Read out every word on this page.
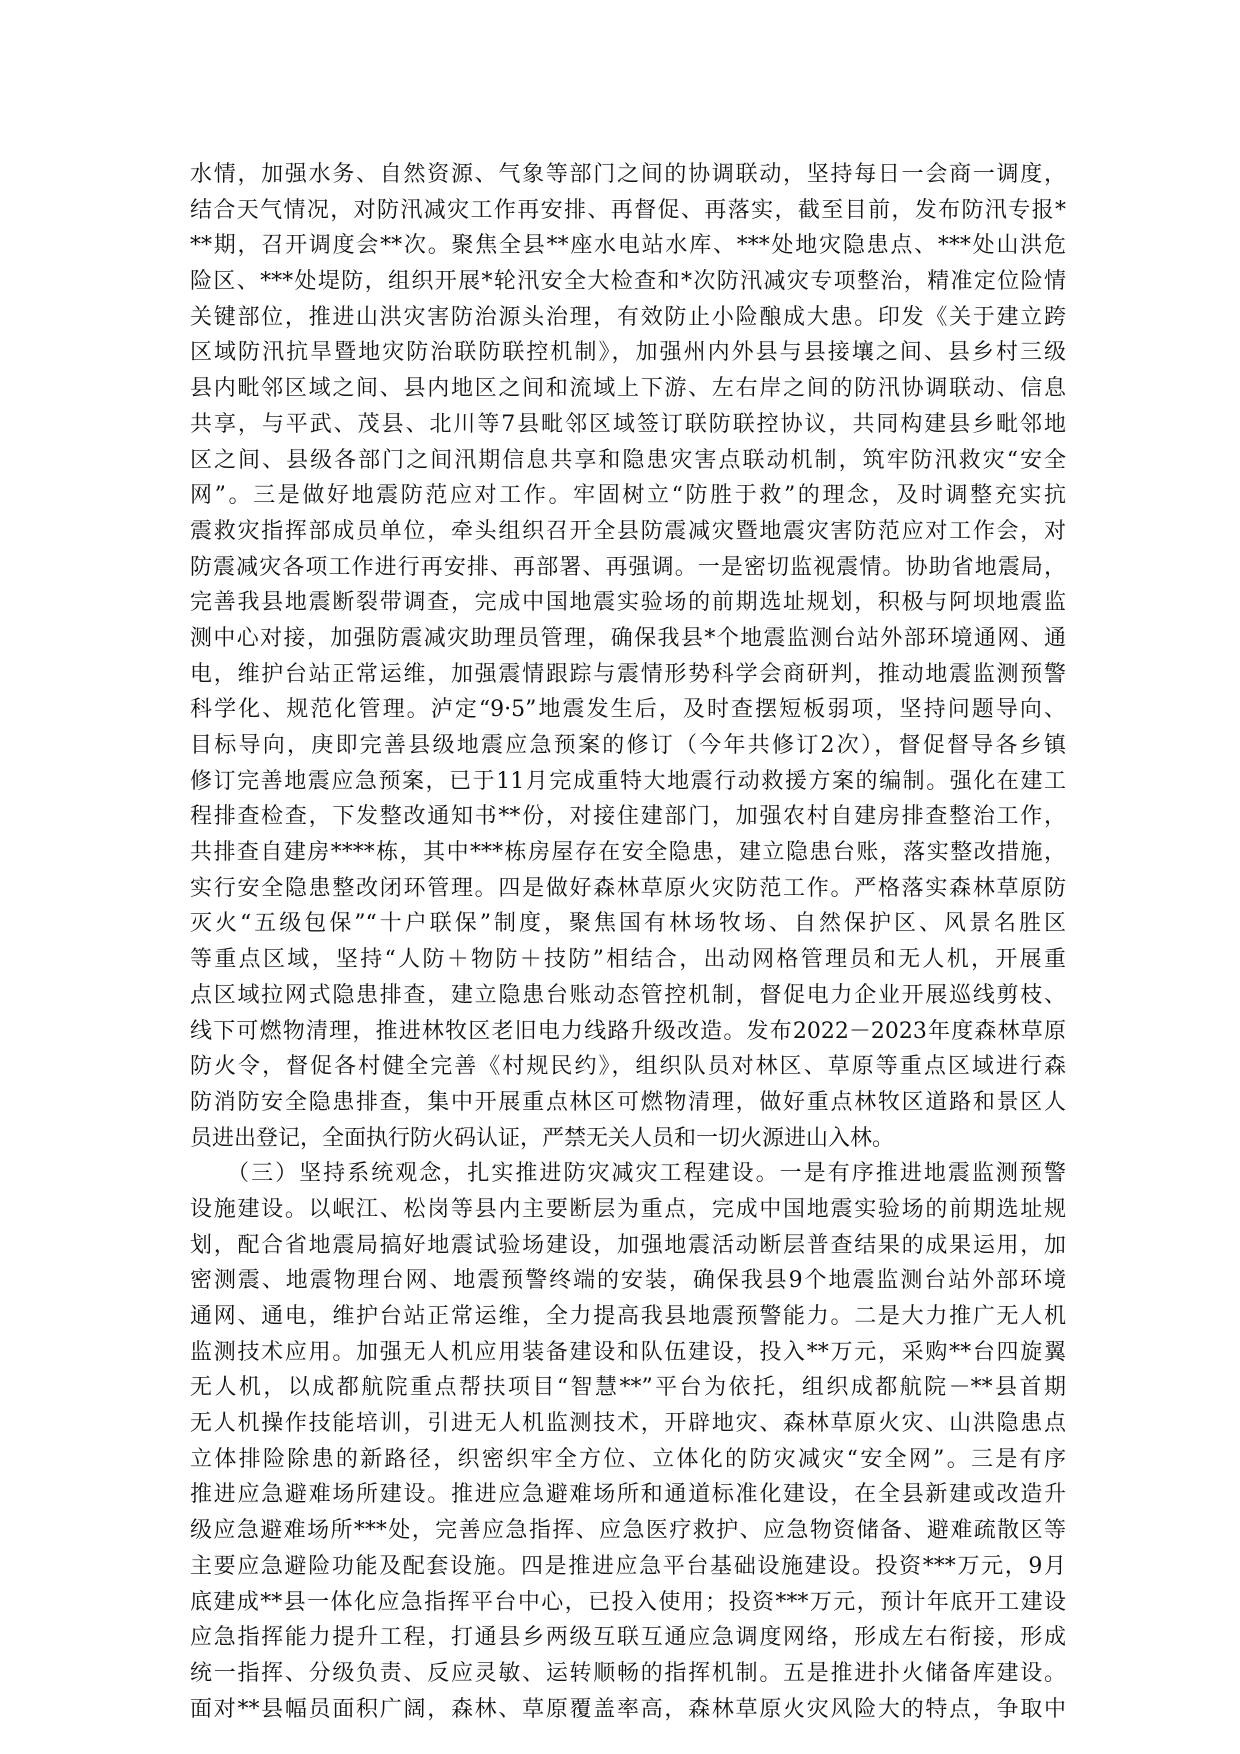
水情，加强水务、自然资源、气象等部门之间的协调联动，坚持每日一会商一调度，
结合天气情况，对防汛减灾工作再安排、再督促、再落实，截至目前，发布防汛专报*
**期，召开调度会**次。聚焦全县**座水电站水库、***处地灾隐患点、***处山洪危
险区、***处堤防，组织开展*轮汛安全大检查和*次防汛减灾专项整治，精准定位险情
关键部位，推进山洪灾害防治源头治理，有效防止小险酿成大患。印发《关于建立跨
区域防汛抗旱暨地灾防治联防联控机制》，加强州内外县与县接壤之间、县乡村三级
县内毗邻区域之间、县内地区之间和流域上下游、左右岸之间的防汛协调联动、信息
共享，与平武、茂县、北川等7县毗邻区域签订联防联控协议，共同构建县乡毗邻地
区之间、县级各部门之间汛期信息共享和隐患灾害点联动机制，筑牢防汛救灾“安全
网”。三是做好地震防范应对工作。牢固树立“防胜于救”的理念，及时调整充实抗
震救灾指挥部成员单位，牵头组织召开全县防震减灾暨地震灾害防范应对工作会，对
防震减灾各项工作进行再安排、再部署、再强调。一是密切监视震情。协助省地震局，
完善我县地震断裂带调查，完成中国地震实验场的前期选址规划，积极与阿坝地震监
测中心对接，加强防震减灾助理员管理，确保我县*个地震监测台站外部环境通网、通
电，维护台站正常运维，加强震情跟踪与震情形势科学会商研判，推动地震监测预警
科学化、规范化管理。泸定“9·5”地震发生后，及时查摆短板弱项，坚持问题导向、
目标导向，庚即完善县级地震应急预案的修订（今年共修订2次），督促督导各乡镇
修订完善地震应急预案，已于11月完成重特大地震行动救援方案的编制。强化在建工
程排查检查，下发整改通知书**份，对接住建部门，加强农村自建房排查整治工作，
共排查自建房****栋，其中***栋房屋存在安全隐患，建立隐患台账，落实整改措施，
实行安全隐患整改闭环管理。四是做好森林草原火灾防范工作。严格落实森林草原防
灭火“五级包保”“十户联保”制度，聚焦国有林场牧场、自然保护区、风景名胜区
等重点区域，坚持“人防＋物防＋技防”相结合，出动网格管理员和无人机，开展重
点区域拉网式隐患排查，建立隐患台账动态管控机制，督促电力企业开展巡线剪枝、
线下可燃物清理，推进林牧区老旧电力线路升级改造。发布2022－2023年度森林草原
防火令，督促各村健全完善《村规民约》，组织队员对林区、草原等重点区域进行森
防消防安全隐患排查，集中开展重点林区可燃物清理，做好重点林牧区道路和景区人
员进出登记，全面执行防火码认证，严禁无关人员和一切火源进山入林。
　　（三）坚持系统观念，扎实推进防灾减灾工程建设。一是有序推进地震监测预警
设施建设。以岷江、松岗等县内主要断层为重点，完成中国地震实验场的前期选址规
划，配合省地震局搞好地震试验场建设，加强地震活动断层普查结果的成果运用，加
密测震、地震物理台网、地震预警终端的安装，确保我县9个地震监测台站外部环境
通网、通电，维护台站正常运维，全力提高我县地震预警能力。二是大力推广无人机
监测技术应用。加强无人机应用装备建设和队伍建设，投入**万元，采购**台四旋翼
无人机，以成都航院重点帮扶项目“智慧**”平台为依托，组织成都航院－**县首期
无人机操作技能培训，引进无人机监测技术，开辟地灾、森林草原火灾、山洪隐患点
立体排险除患的新路径，织密织牢全方位、立体化的防灾减灾“安全网”。三是有序
推进应急避难场所建设。推进应急避难场所和通道标准化建设，在全县新建或改造升
级应急避难场所***处，完善应急指挥、应急医疗救护、应急物资储备、避难疏散区等
主要应急避险功能及配套设施。四是推进应急平台基础设施建设。投资***万元，9月
底建成**县一体化应急指挥平台中心，已投入使用；投资***万元，预计年底开工建设
应急指挥能力提升工程，打通县乡两级互联互通应急调度网络，形成左右衔接，形成
统一指挥、分级负责、反应灵敏、运转顺畅的指挥机制。五是推进扑火储备库建设。
面对**县幅员面积广阔，森林、草原覆盖率高，森林草原火灾风险大的特点，争取中
